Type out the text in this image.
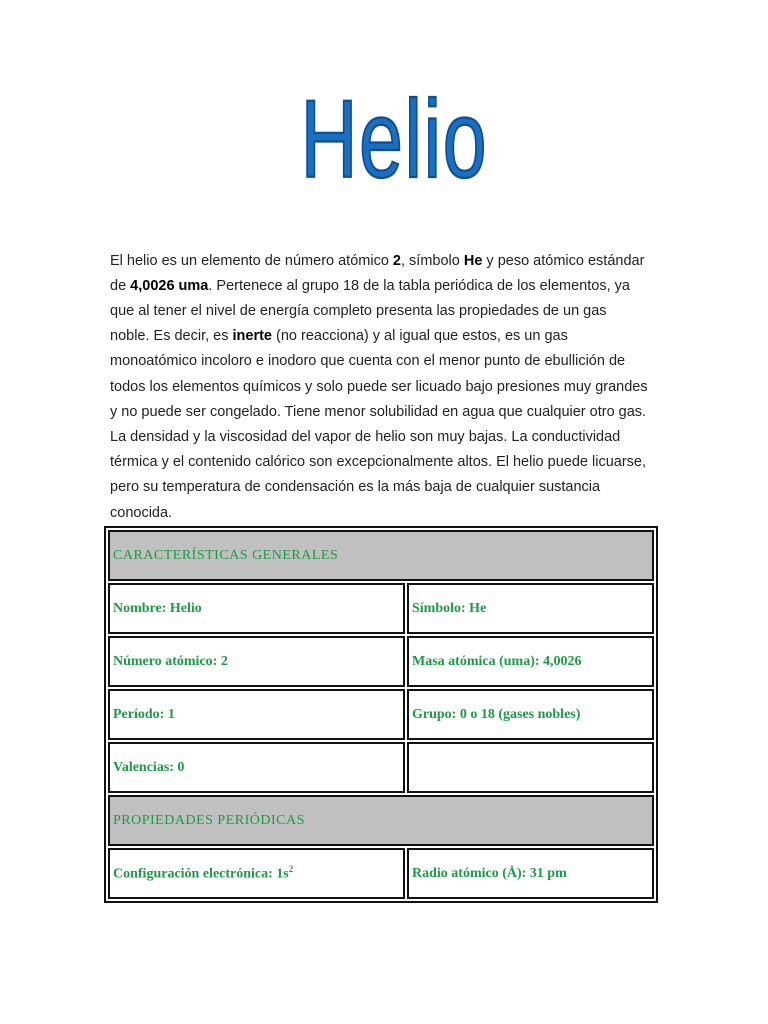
Helio

El helio es un elemento de número atómico 2, símbolo He y peso atómico estándar de 4,0026 uma. Pertenece al grupo 18 de la tabla periódica de los elementos, ya que al tener el nivel de energía completo presenta las propiedades de un gas noble. Es decir, es inerte (no reacciona) y al igual que estos, es un gas monoatómico incoloro e inodoro que cuenta con el menor punto de ebullición de todos los elementos químicos y solo puede ser licuado bajo presiones muy grandes y no puede ser congelado. Tiene menor solubilidad en agua que cualquier otro gas. La densidad y la viscosidad del vapor de helio son muy bajas. La conductividad térmica y el contenido calórico son excepcionalmente altos. El helio puede licuarse, pero su temperatura de condensación es la más baja de cualquier sustancia conocida.

CARACTERÍSTICAS GENERALES	
Nombre: Helio	Símbolo: He
Número atómico: 2	Masa atómica (uma): 4,0026
Período: 1	Grupo: 0 o 18 (gases nobles)
Valencias: 0	
PROPIEDADES PERIÓDICAS	
Configuración electrónica: $1s^2$	Radio atómico (Å): 31 pm
